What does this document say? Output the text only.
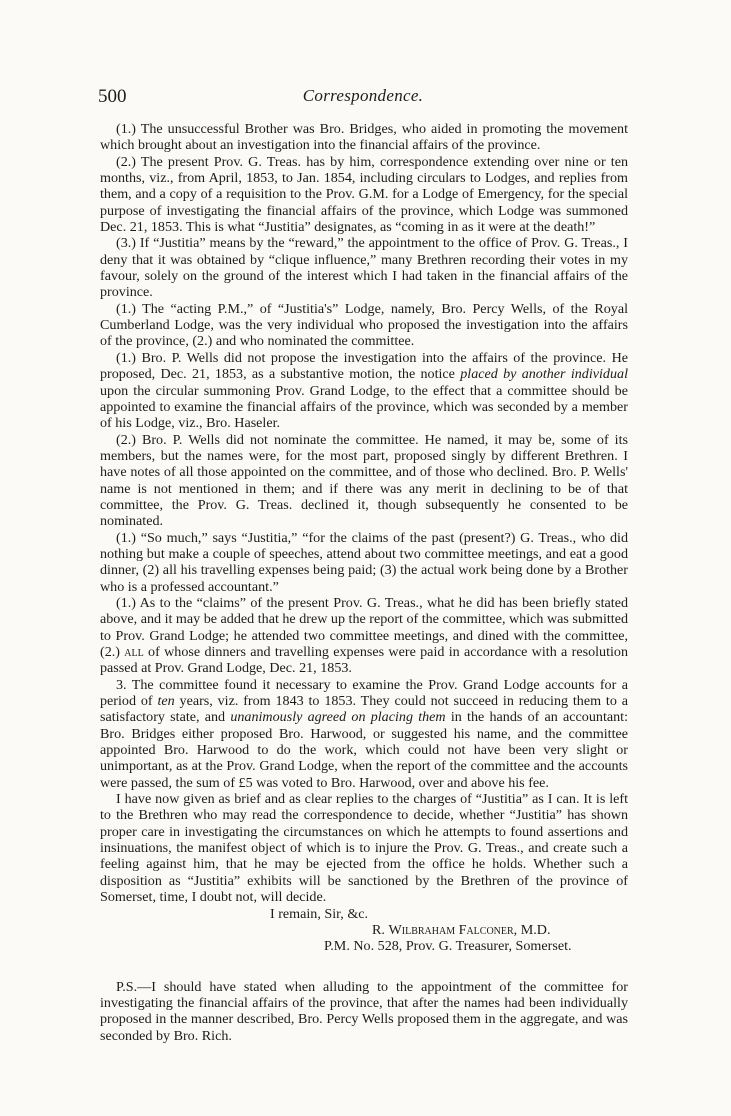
500	Correspondence.

(1.) The unsuccessful Brother was Bro. Bridges, who aided in promoting the movement which brought about an investigation into the financial affairs of the province.

(2.) The present Prov. G. Treas. has by him, correspondence extending over nine or ten months, viz., from April, 1853, to Jan. 1854, including circulars to Lodges, and replies from them, and a copy of a requisition to the Prov. G.M. for a Lodge of Emergency, for the special purpose of investigating the financial affairs of the province, which Lodge was summoned Dec. 21, 1853. This is what “Justitia” designates, as “coming in as it were at the death!”

(3.) If “Justitia” means by the “reward,” the appointment to the office of Prov. G. Treas., I deny that it was obtained by “clique influence,” many Brethren recording their votes in my favour, solely on the ground of the interest which I had taken in the financial affairs of the province.

(1.) The “acting P.M.,” of “Justitia's” Lodge, namely, Bro. Percy Wells, of the Royal Cumberland Lodge, was the very individual who proposed the investigation into the affairs of the province, (2.) and who nominated the committee.

(1.) Bro. P. Wells did not propose the investigation into the affairs of the province. He proposed, Dec. 21, 1853, as a substantive motion, the notice placed by another individual upon the circular summoning Prov. Grand Lodge, to the effect that a committee should be appointed to examine the financial affairs of the province, which was seconded by a member of his Lodge, viz., Bro. Haseler.

(2.) Bro. P. Wells did not nominate the committee. He named, it may be, some of its members, but the names were, for the most part, proposed singly by different Brethren. I have notes of all those appointed on the committee, and of those who declined. Bro. P. Wells' name is not mentioned in them; and if there was any merit in declining to be of that committee, the Prov. G. Treas. declined it, though subsequently he consented to be nominated.

(1.) “So much,” says “Justitia,” “for the claims of the past (present?) G. Treas., who did nothing but make a couple of speeches, attend about two committee meetings, and eat a good dinner, (2) all his travelling expenses being paid; (3) the actual work being done by a Brother who is a professed accountant.”

(1.) As to the “claims” of the present Prov. G. Treas., what he did has been briefly stated above, and it may be added that he drew up the report of the committee, which was submitted to Prov. Grand Lodge; he attended two committee meetings, and dined with the committee, (2.) all of whose dinners and travelling expenses were paid in accordance with a resolution passed at Prov. Grand Lodge, Dec. 21, 1853.

3. The committee found it necessary to examine the Prov. Grand Lodge accounts for a period of ten years, viz. from 1843 to 1853. They could not succeed in reducing them to a satisfactory state, and unanimously agreed on placing them in the hands of an accountant: Bro. Bridges either proposed Bro. Harwood, or suggested his name, and the committee appointed Bro. Harwood to do the work, which could not have been very slight or unimportant, as at the Prov. Grand Lodge, when the report of the committee and the accounts were passed, the sum of £5 was voted to Bro. Harwood, over and above his fee.

I have now given as brief and as clear replies to the charges of “Justitia” as I can. It is left to the Brethren who may read the correspondence to decide, whether “Justitia” has shown proper care in investigating the circumstances on which he attempts to found assertions and insinuations, the manifest object of which is to injure the Prov. G. Treas., and create such a feeling against him, that he may be ejected from the office he holds. Whether such a disposition as “Justitia” exhibits will be sanctioned by the Brethren of the province of Somerset, time, I doubt not, will decide.

I remain, Sir, &c.
R. Wilbraham Falconer, M.D.
P.M. No. 528, Prov. G. Treasurer, Somerset.

P.S.—I should have stated when alluding to the appointment of the committee for investigating the financial affairs of the province, that after the names had been individually proposed in the manner described, Bro. Percy Wells proposed them in the aggregate, and was seconded by Bro. Rich.
